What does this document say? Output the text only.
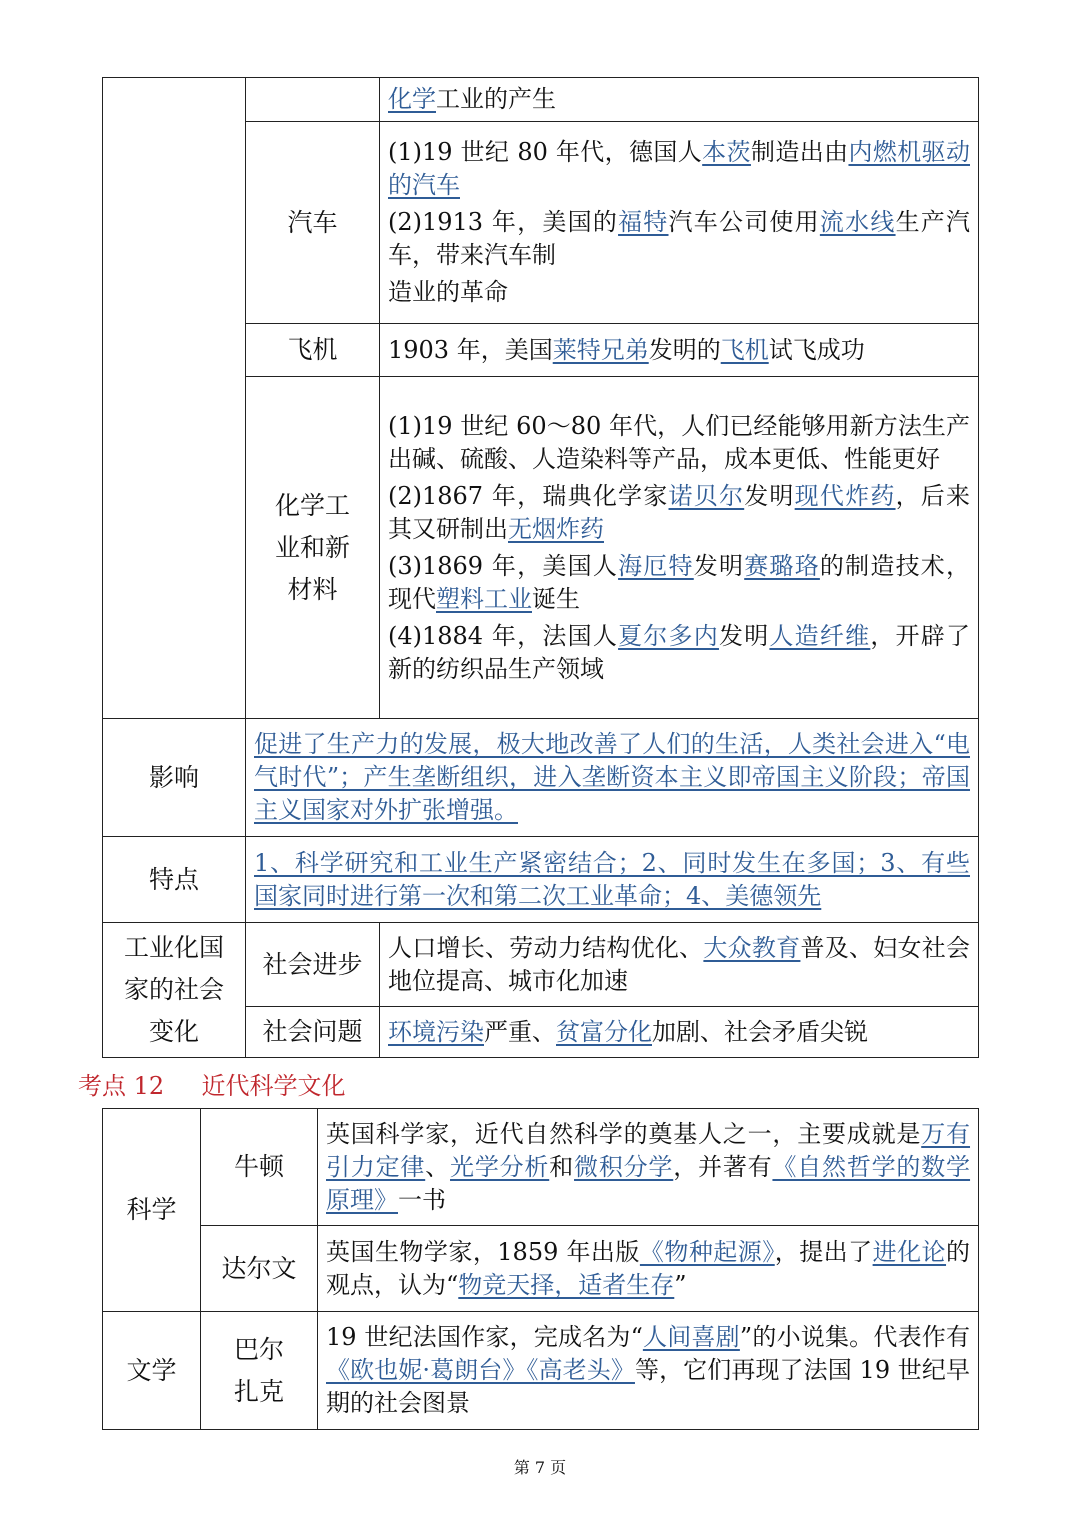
		化学工业的产生

	汽车	(1)19 世纪 80 年代，德国人本茨制造出由内燃机驱动的汽车

(2)1913 年，美国的福特汽车公司使用流水线生产汽车，带来汽车制

造业的革命

	飞机	1903 年，美国莱特兄弟发明的飞机试飞成功

	化学工业和新材料	(1)19 世纪 60～80 年代，人们已经能够用新方法生产出碱、硫酸、人造染料等产品，成本更低、性能更好

(2)1867 年，瑞典化学家诺贝尔发明现代炸药，后来其又研制出无烟炸药

(3)1869 年，美国人海厄特发明赛璐珞的制造技术，现代塑料工业诞生

(4)1884 年，法国人夏尔多内发明人造纤维，开辟了新的纺织品生产领域

影响	促进了生产力的发展，极大地改善了人们的生活，人类社会进入“电气时代”；产生垄断组织，进入垄断资本主义即帝国主义阶段；帝国主义国家对外扩张增强。	

特点	1、科学研究和工业生产紧密结合；2、同时发生在多国；3、有些国家同时进行第一次和第二次工业革命；4、美德领先	

工业化国家的社会变化	社会进步	人口增长、劳动力结构优化、大众教育普及、妇女社会地位提高、城市化加速

	社会问题	环境污染严重、贫富分化加剧、社会矛盾尖锐

考点 12 近代科学文化
科学	牛顿	英国科学家，近代自然科学的奠基人之一，主要成就是万有引力定律、光学分析和微积分学，并著有《自然哲学的数学原理》一书

	达尔文	英国生物学家，1859 年出版《物种起源》，提出了进化论的观点，认为“物竞天择，适者生存”

文学	巴尔扎克	19 世纪法国作家，完成名为“人间喜剧”的小说集。代表作有《欧也妮·葛朗台》《高老头》等，它们再现了法国 19 世纪早期的社会图景

第 7 页
